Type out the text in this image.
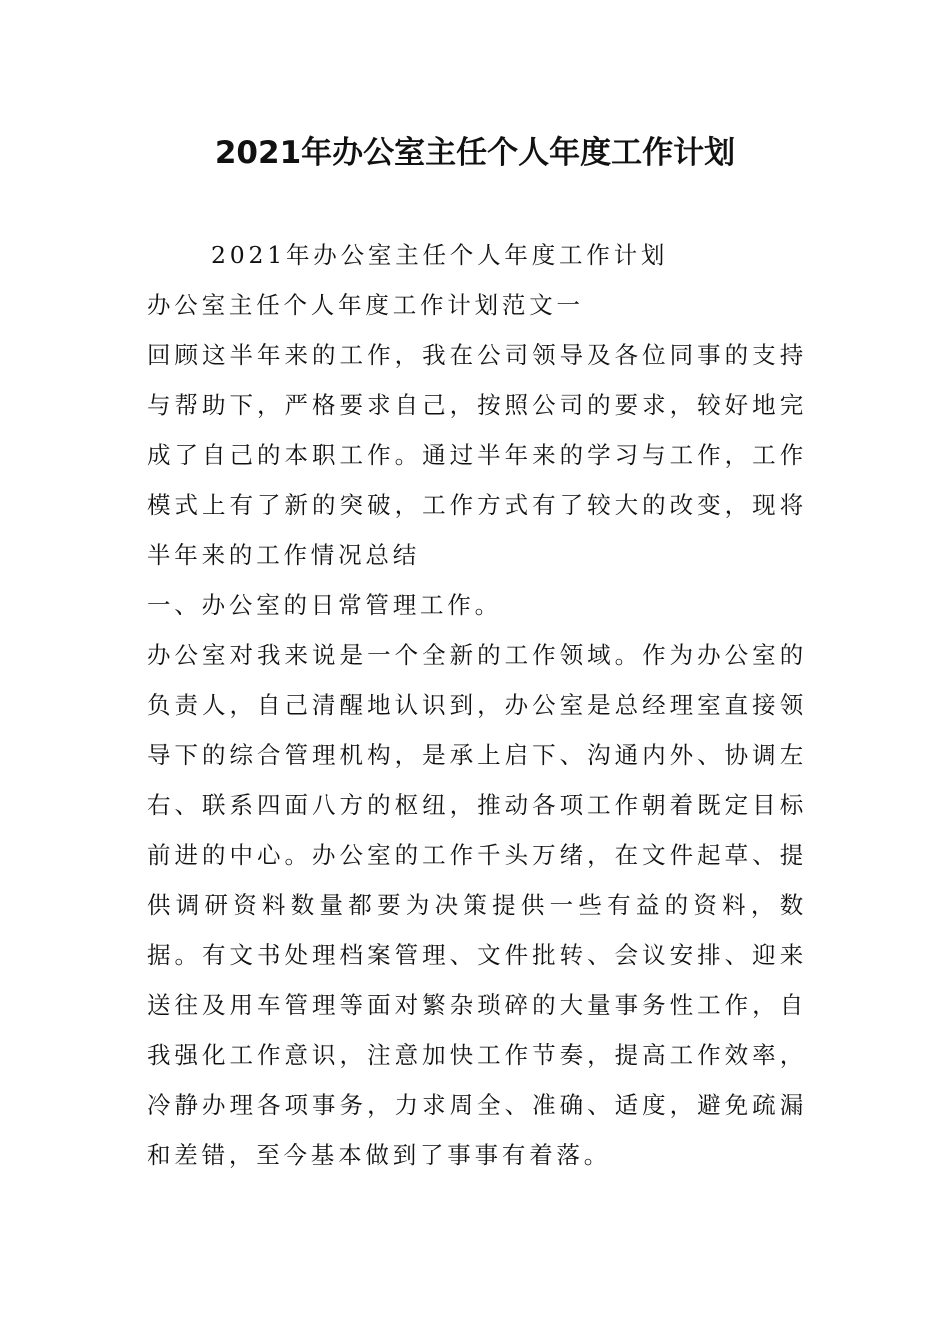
2021年办公室主任个人年度工作计划

2021年办公室主任个人年度工作计划

办公室主任个人年度工作计划范文一

回顾这半年来的工作，我在公司领导及各位同事的支持与帮助下，严格要求自己，按照公司的要求，较好地完成了自己的本职工作。通过半年来的学习与工作，工作模式上有了新的突破，工作方式有了较大的改变，现将半年来的工作情况总结

一、办公室的日常管理工作。

办公室对我来说是一个全新的工作领域。作为办公室的负责人，自己清醒地认识到，办公室是总经理室直接领导下的综合管理机构，是承上启下、沟通内外、协调左右、联系四面八方的枢纽，推动各项工作朝着既定目标前进的中心。办公室的工作千头万绪，在文件起草、提供调研资料数量都要为决策提供一些有益的资料，数据。有文书处理档案管理、文件批转、会议安排、迎来送往及用车管理等面对繁杂琐碎的大量事务性工作，自我强化工作意识，注意加快工作节奏，提高工作效率，冷静办理各项事务，力求周全、准确、适度，避免疏漏和差错，至今基本做到了事事有着落。
